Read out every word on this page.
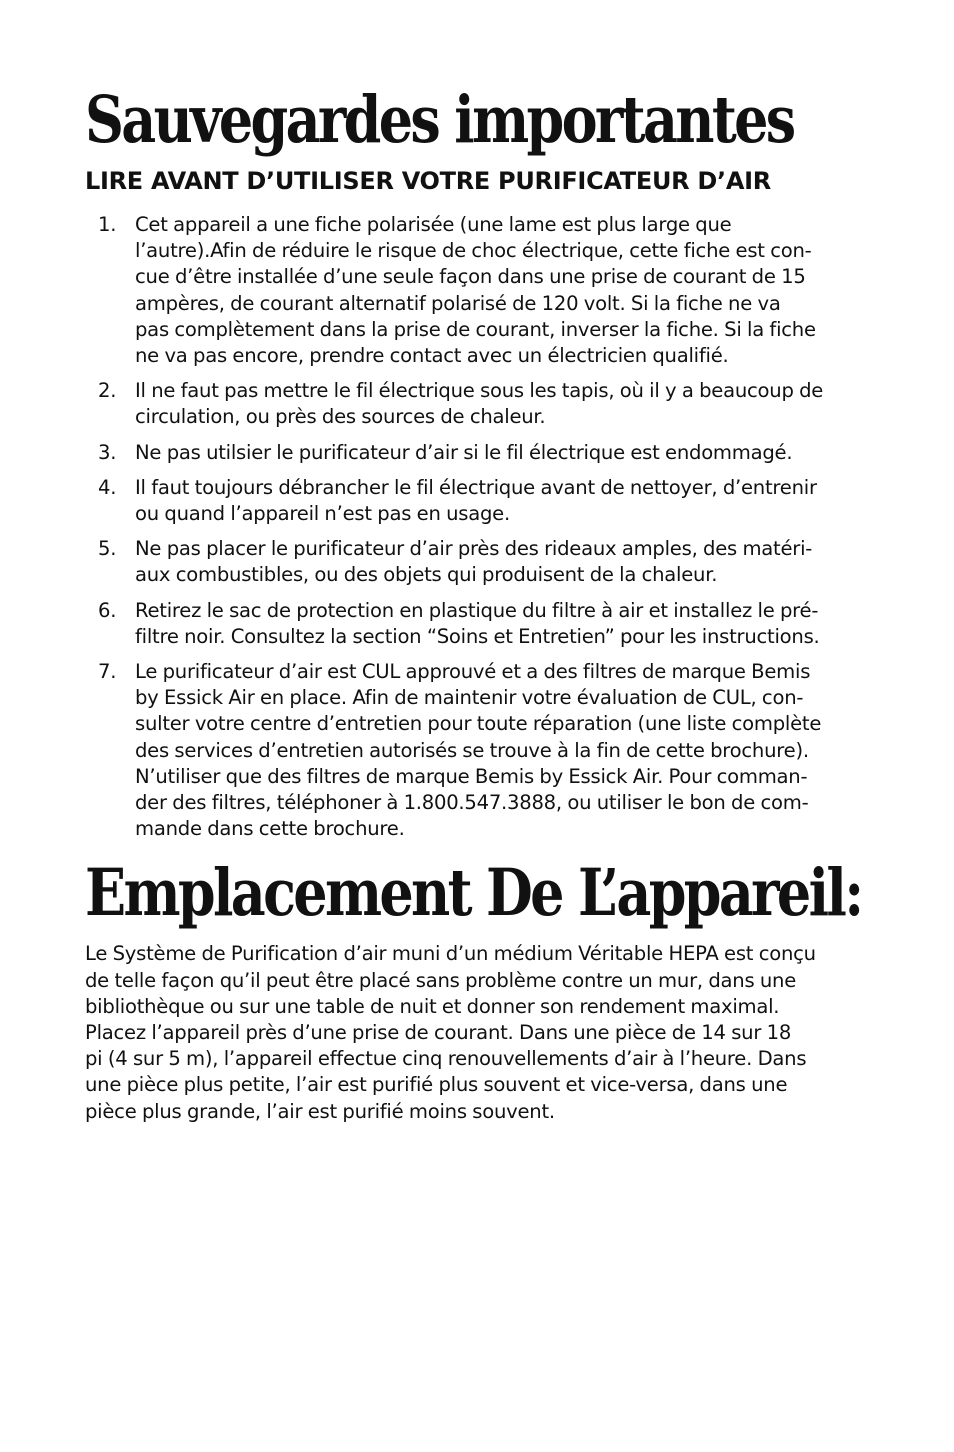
Sauvegardes importantes
LIRE AVANT D’UTILISER VOTRE PURIFICATEUR D’AIR
1. Cet appareil a une fiche polarisée (une lame est plus large que
l’autre).Afin de réduire le risque de choc électrique, cette fiche est con-
cue d’être installée d’une seule façon dans une prise de courant de 15
ampères, de courant alternatif polarisé de 120 volt. Si la fiche ne va
pas complètement dans la prise de courant, inverser la fiche. Si la fiche
ne va pas encore, prendre contact avec un électricien qualifié.
2. Il ne faut pas mettre le fil électrique sous les tapis, où il y a beaucoup de
circulation, ou près des sources de chaleur.
3. Ne pas utilsier le purificateur d’air si le fil électrique est endommagé.
4. Il faut toujours débrancher le fil électrique avant de nettoyer, d’entrenir
ou quand l’appareil n’est pas en usage.
5. Ne pas placer le purificateur d’air près des rideaux amples, des matéri-
aux combustibles, ou des objets qui produisent de la chaleur.
6. Retirez le sac de protection en plastique du filtre à air et installez le pré-
filtre noir. Consultez la section “Soins et Entretien” pour les instructions.
7. Le purificateur d’air est CUL approuvé et a des filtres de marque Bemis
by Essick Air en place. Afin de maintenir votre évaluation de CUL, con-
sulter votre centre d’entretien pour toute réparation (une liste complète
des services d’entretien autorisés se trouve à la fin de cette brochure).
N’utiliser que des filtres de marque Bemis by Essick Air. Pour comman-
der des filtres, téléphoner à 1.800.547.3888, ou utiliser le bon de com-
mande dans cette brochure.
Emplacement De L’appareil:

Le Système de Purification d’air muni d’un médium Véritable HEPA est conçu
de telle façon qu’il peut être placé sans problème contre un mur, dans une
bibliothèque ou sur une table de nuit et donner son rendement maximal.
Placez l’appareil près d’une prise de courant. Dans une pièce de 14 sur 18
pi (4 sur 5 m), l’appareil effectue cinq renouvellements d’air à l’heure. Dans
une pièce plus petite, l’air est purifié plus souvent et vice-versa, dans une
pièce plus grande, l’air est purifié moins souvent.
